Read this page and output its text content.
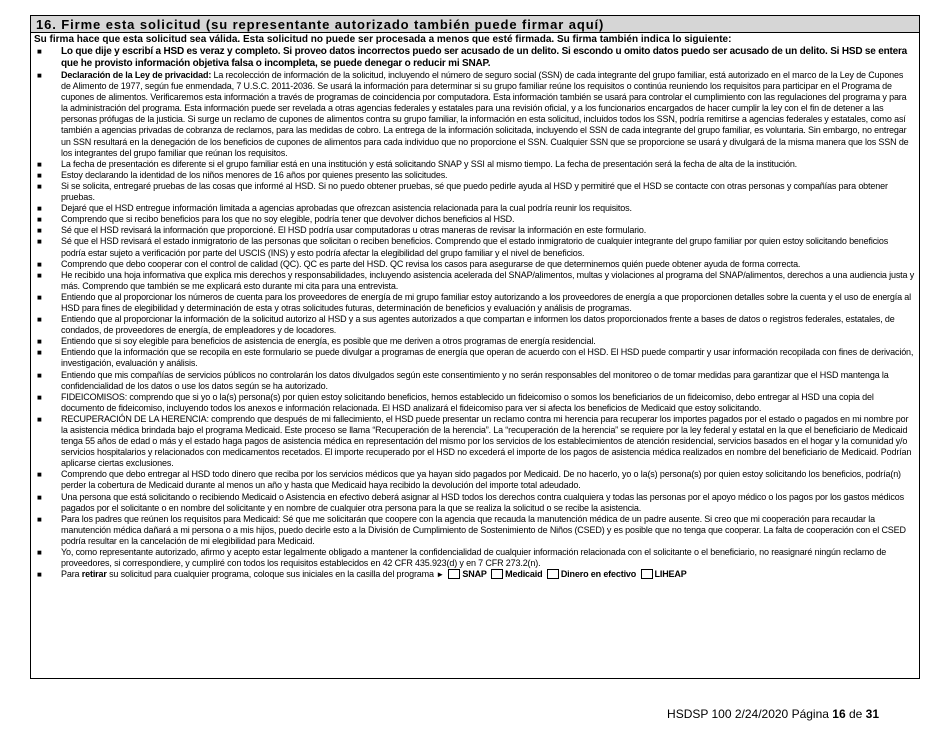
16. Firme esta solicitud (su representante autorizado también puede firmar aquí)
Su firma hace que esta solicitud sea válida. Esta solicitud no puede ser procesada a menos que esté firmada. Su firma también indica lo siguiente:
■ Lo que dije y escribí a HSD es veraz y completo. Si proveo datos incorrectos puedo ser acusado de un delito. Si escondo u omito datos puedo ser acusado de un delito. Si HSD se entera que he provisto información objetiva falsa o incompleta, se puede denegar o reducir mi SNAP.
■ Declaración de la Ley de privacidad: La recolección de información de la solicitud, incluyendo el número de seguro social (SSN) de cada integrante del grupo familiar, está autorizado en el marco de la Ley de Cupones de Alimento de 1977, según fue enmendada, 7 U.S.C. 2011-2036. Se usará la información para determinar si su grupo familiar reúne los requisitos o continúa reuniendo los requisitos para participar en el Programa de cupones de alimentos. Verificaremos esta información a través de programas de coincidencia por computadora. Esta información también se usará para controlar el cumplimiento con las regulaciones del programa y para la administración del programa. Esta información puede ser revelada a otras agencias federales y estatales para una revisión oficial, y a los funcionarios encargados de hacer cumplir la ley con el fin de detener a las personas prófugas de la justicia. Si surge un reclamo de cupones de alimentos contra su grupo familiar, la información en esta solicitud, incluidos todos los SSN, podría remitirse a agencias federales y estatales, como así también a agencias privadas de cobranza de reclamos, para las medidas de cobro. La entrega de la información solicitada, incluyendo el SSN de cada integrante del grupo familiar, es voluntaria. Sin embargo, no entregar un SSN resultará en la denegación de los beneficios de cupones de alimentos para cada individuo que no proporcione el SSN. Cualquier SSN que se proporcione se usará y divulgará de la misma manera que los SSN de los integrantes del grupo familiar que reúnan los requisitos.
■ La fecha de presentación es diferente si el grupo familiar está en una institución y está solicitando SNAP y SSI al mismo tiempo. La fecha de presentación será la fecha de alta de la institución.
■ Estoy declarando la identidad de los niños menores de 16 años por quienes presento las solicitudes.
■ Si se solicita, entregaré pruebas de las cosas que informé al HSD. Si no puedo obtener pruebas, sé que puedo pedirle ayuda al HSD y permitiré que el HSD se contacte con otras personas y compañías para obtener pruebas.
■ Dejaré que el HSD entregue información limitada a agencias aprobadas que ofrezcan asistencia relacionada para la cual podría reunir los requisitos.
■ Comprendo que si recibo beneficios para los que no soy elegible, podría tener que devolver dichos beneficios al HSD.
■ Sé que el HSD revisará la información que proporcioné. El HSD podría usar computadoras u otras maneras de revisar la información en este formulario.
■ Sé que el HSD revisará el estado inmigratorio de las personas que solicitan o reciben beneficios. Comprendo que el estado inmigratorio de cualquier integrante del grupo familiar por quien estoy solicitando beneficios podría estar sujeto a verificación por parte del USCIS (INS) y esto podría afectar la elegibilidad del grupo familiar y el nivel de beneficios.
■ Comprendo que debo cooperar con el control de calidad (QC). QC es parte del HSD. QC revisa los casos para asegurarse de que determinemos quién puede obtener ayuda de forma correcta.
■ He recibido una hoja informativa que explica mis derechos y responsabilidades, incluyendo asistencia acelerada del SNAP/alimentos, multas y violaciones al programa del SNAP/alimentos, derechos a una audiencia justa y más. Comprendo que también se me explicará esto durante mi cita para una entrevista.
■ Entiendo que al proporcionar los números de cuenta para los proveedores de energía de mi grupo familiar estoy autorizando a los proveedores de energía a que proporcionen detalles sobre la cuenta y el uso de energía al HSD para fines de elegibilidad y determinación de esta y otras solicitudes futuras, determinación de beneficios y evaluación y análisis de programas.
■ Entiendo que al proporcionar la información de la solicitud autorizo al HSD y a sus agentes autorizados a que compartan e informen los datos proporcionados frente a bases de datos o registros federales, estatales, de condados, de proveedores de energía, de empleadores y de locadores.
■ Entiendo que si soy elegible para beneficios de asistencia de energía, es posible que me deriven a otros programas de energía residencial.
■ Entiendo que la información que se recopila en este formulario se puede divulgar a programas de energía que operan de acuerdo con el HSD. El HSD puede compartir y usar información recopilada con fines de derivación, investigación, evaluación y análisis.
■ Entiendo que mis compañías de servicios públicos no controlarán los datos divulgados según este consentimiento y no serán responsables del monitoreo o de tomar medidas para garantizar que el HSD mantenga la confidencialidad de los datos o use los datos según se ha autorizado.
■ FIDEICOMISOS: comprendo que si yo o la(s) persona(s) por quien estoy solicitando beneficios, hemos establecido un fideicomiso o somos los beneficiarios de un fideicomiso, debo entregar al HSD una copia del documento de fideicomiso, incluyendo todos los anexos e información relacionada. El HSD analizará el fideicomiso para ver si afecta los beneficios de Medicaid que estoy solicitando.
■ RECUPERACIÓN DE LA HERENCIA: comprendo que después de mi fallecimiento, el HSD puede presentar un reclamo contra mi herencia para recuperar los importes pagados por el estado o pagados en mi nombre por la asistencia médica brindada bajo el programa Medicaid. Este proceso se llama “Recuperación de la herencia”. La “recuperación de la herencia” se requiere por la ley federal y estatal en la que el beneficiario de Medicaid tenga 55 años de edad o más y el estado haga pagos de asistencia médica en representación del mismo por los servicios de los establecimientos de atención residencial, servicios basados en el hogar y la comunidad y/o servicios hospitalarios y relacionados con medicamentos recetados. El importe recuperado por el HSD no excederá el importe de los pagos de asistencia médica realizados en nombre del beneficiario de Medicaid. Podrían aplicarse ciertas exclusiones.
■ Comprendo que debo entregar al HSD todo dinero que reciba por los servicios médicos que ya hayan sido pagados por Medicaid. De no hacerlo, yo o la(s) persona(s) por quien estoy solicitando los beneficios, podría(n) perder la cobertura de Medicaid durante al menos un año y hasta que Medicaid haya recibido la devolución del importe total adeudado.
■ Una persona que está solicitando o recibiendo Medicaid o Asistencia en efectivo deberá asignar al HSD todos los derechos contra cualquiera y todas las personas por el apoyo médico o los pagos por los gastos médicos pagados por el solicitante o en nombre del solicitante y en nombre de cualquier otra persona para la que se realiza la solicitud o se recibe la asistencia.
■ Para los padres que reúnen los requisitos para Medicaid: Sé que me solicitarán que coopere con la agencia que recauda la manutención médica de un padre ausente. Si creo que mi cooperación para recaudar la manutención médica dañará a mi persona o a mis hijos, puedo decirle esto a la División de Cumplimiento de Sostenimiento de Niños (CSED) y es posible que no tenga que cooperar. La falta de cooperación con el CSED podría resultar en la cancelación de mi elegibilidad para Medicaid.
■ Yo, como representante autorizado, afirmo y acepto estar legalmente obligado a mantener la confidencialidad de cualquier información relacionada con el solicitante o el beneficiario, no reasignaré ningún reclamo de proveedores, si correspondiere, y cumpliré con todos los requisitos establecidos en 42 CFR 435.923(d) y en 7 CFR 273.2(n).
■ Para retirar su solicitud para cualquier programa, coloque sus iniciales en la casilla del programa ► SNAP Medicaid Dinero en efectivo LIHEAP
HSDSP 100 2/24/2020 Página 16 de 31
